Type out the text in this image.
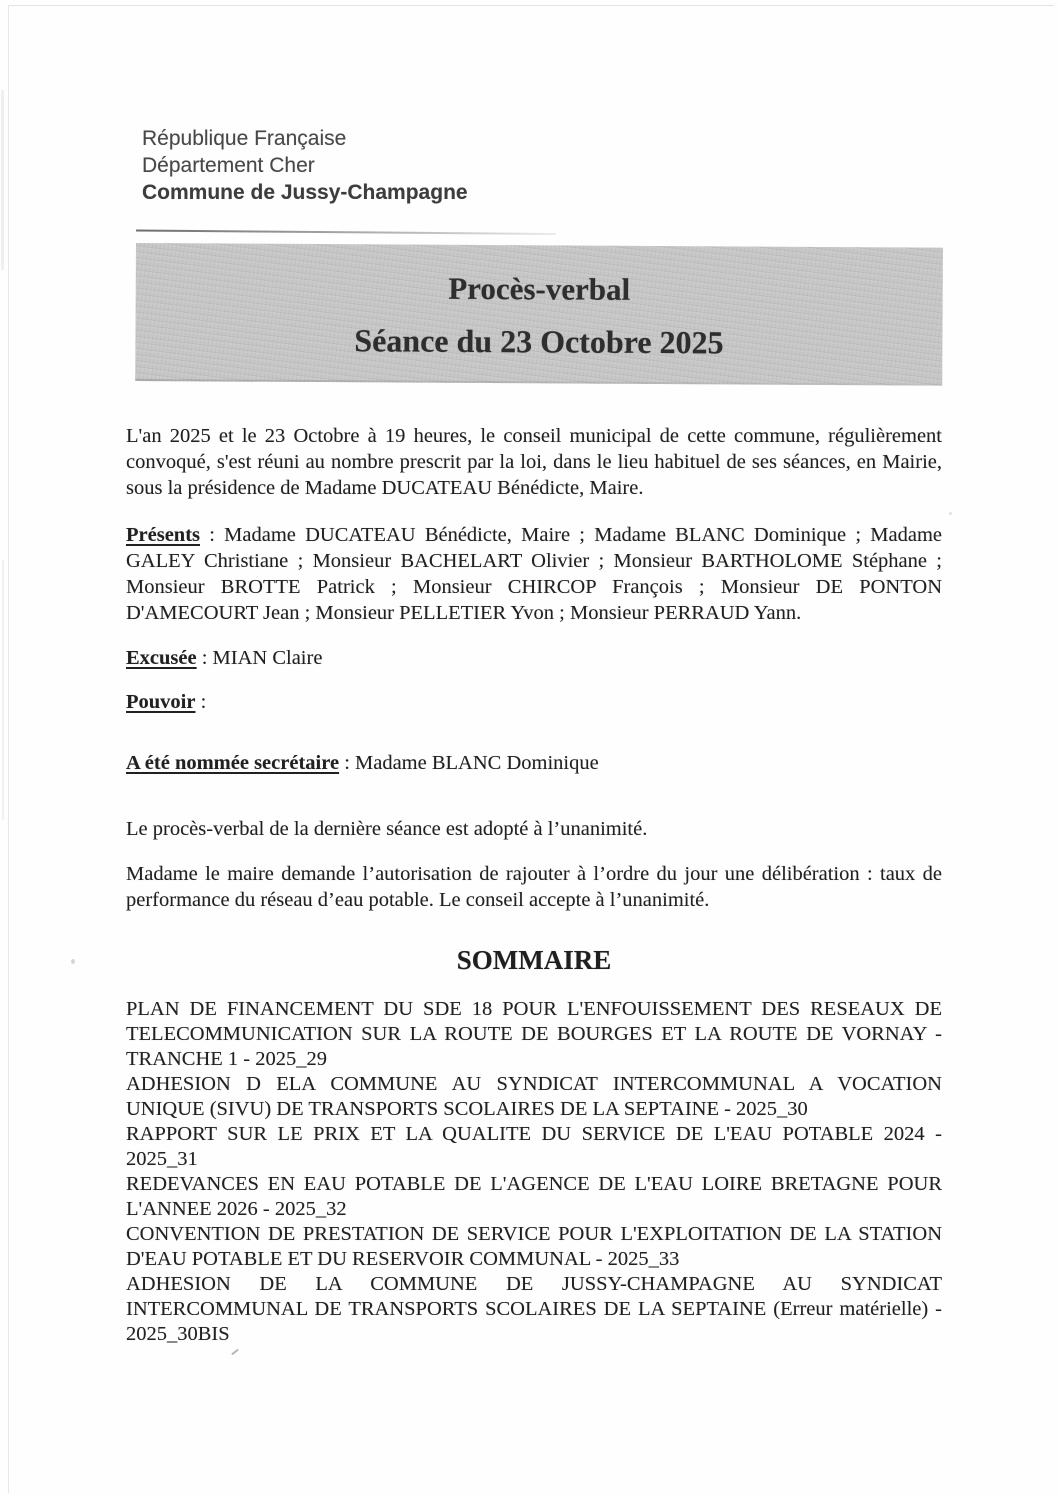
République Française
Département Cher
Commune de Jussy-Champagne
Procès-verbal
Séance du 23 Octobre 2025

L'an 2025 et le 23 Octobre à 19 heures, le conseil municipal de cette commune, régulièrement convoqué, s'est réuni au nombre prescrit par la loi, dans le lieu habituel de ses séances, en Mairie, sous la présidence de Madame DUCATEAU Bénédicte, Maire.

Présents : Madame DUCATEAU Bénédicte, Maire ; Madame BLANC Dominique ; Madame GALEY Christiane ; Monsieur BACHELART Olivier ; Monsieur BARTHOLOME Stéphane ; Monsieur BROTTE Patrick ; Monsieur CHIRCOP François ; Monsieur DE PONTON D'AMECOURT Jean ; Monsieur PELLETIER Yvon ; Monsieur PERRAUD Yann.

Excusée : MIAN Claire

Pouvoir :

A été nommée secrétaire : Madame BLANC Dominique

Le procès-verbal de la dernière séance est adopté à l’unanimité.

Madame le maire demande l’autorisation de rajouter à l’ordre du jour une délibération : taux de performance du réseau d’eau potable. Le conseil accepte à l’unanimité.

SOMMAIRE

PLAN DE FINANCEMENT DU SDE 18 POUR L'ENFOUISSEMENT DES RESEAUX DE TELECOMMUNICATION SUR LA ROUTE DE BOURGES ET LA ROUTE DE VORNAY - TRANCHE 1 - 2025_29

ADHESION D ELA COMMUNE AU SYNDICAT INTERCOMMUNAL A VOCATION UNIQUE (SIVU) DE TRANSPORTS SCOLAIRES DE LA SEPTAINE - 2025_30

RAPPORT SUR LE PRIX ET LA QUALITE DU SERVICE DE L'EAU POTABLE 2024 - 2025_31

REDEVANCES EN EAU POTABLE DE L'AGENCE DE L'EAU LOIRE BRETAGNE POUR L'ANNEE 2026 - 2025_32

CONVENTION DE PRESTATION DE SERVICE POUR L'EXPLOITATION DE LA STATION D'EAU POTABLE ET DU RESERVOIR COMMUNAL - 2025_33

ADHESION DE LA COMMUNE DE JUSSY-CHAMPAGNE AU SYNDICAT INTERCOMMUNAL DE TRANSPORTS SCOLAIRES DE LA SEPTAINE (Erreur matérielle) - 2025_30BIS
